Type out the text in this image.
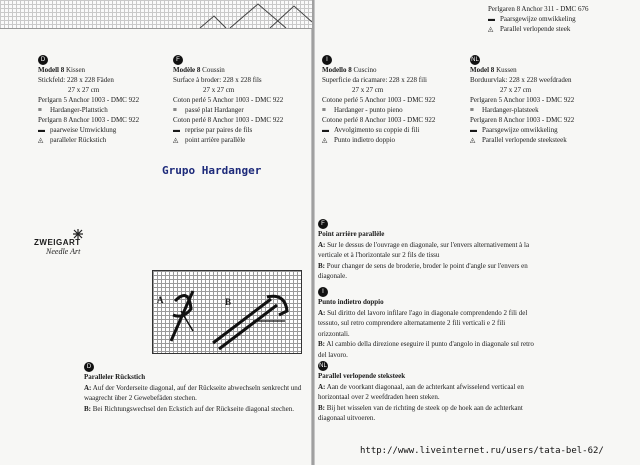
Perlgaren 8 Anchor 311 - DMC 676
▬ Paarsgewijze omwikkeling
◬ Parallel verlopende steek
D
Modell 8 Kissen
Stickfeld: 228 x 228 Fäden
27 x 27 cm
Perlgarn 5 Anchor 1003 - DMC 922
≡ Hardanger-Plattstich
Perlgarn 8 Anchor 1003 - DMC 922
▬ paarweise Umwicklung
◬ paralleler Rückstich
F
Modèle 8 Coussin
Surface à broder: 228 x 228 fils
27 x 27 cm
Coton perlé 5 Anchor 1003 - DMC 922
≡ passé plat Hardanger
Coton perlé 8 Anchor 1003 - DMC 922
▬ reprise par paires de fils
◬ point arrière parallèle
I
Modello 8 Cuscino
Superficie da ricamare: 228 x 228 fili
27 x 27 cm
Cotone perlé 5 Anchor 1003 - DMC 922
≡ Hardanger - punto pieno
Cotone perlé 8 Anchor 1003 - DMC 922
▬ Avvolgimento su coppie di fili
◬ Punto indietro doppio
NL
Model 8 Kussen
Borduurvlak: 228 x 228 weefdraden
27 x 27 cm
Perlgaren 5 Anchor 1003 - DMC 922
≡ Hardanger-platsteek
Perlgaren 8 Anchor 1003 - DMC 922
▬ Paarsgewijze omwikkeling
◬ Parallel verlopende steeksteek
Grupo Hardanger
ZWEIGART
Needle Art
A	B
D
Paralleler Rückstich
A: Auf der Vorderseite diagonal, auf der Rückseite abwechseln senkrecht und waagrecht über 2 Gewebefäden stechen.
B: Bei Richtungswechsel den Eckstich auf der Rückseite diagonal stechen.
F
Point arrière parallèle
A: Sur le dessus de l'ouvrage en diagonale, sur l'envers alternativement à la verticale et à l'horizontale sur 2 fils de tissu
B: Pour changer de sens de broderie, broder le point d'angle sur l'envers en diagonale.
I
Punto indietro doppio
A: Sul diritto del lavoro infilare l'ago in diagonale comprendendo 2 fili del tessuto, sul retro comprendere alternatamente 2 fili verticali e 2 fili orizzontali.
B: Al cambio della direzione eseguire il punto d'angolo in diagonale sul retro del lavoro.
NL
Parallel verlopende steksteek
A: Aan de voorkant diagonaal, aan de achterkant afwisselend verticaal en horizontaal over 2 weefdraden heen steken.
B: Bij het wisselen van de richting de steek op de hoek aan de achterkant diagonaal uitvoeren.
http://www.liveinternet.ru/users/tata-bel-62/
